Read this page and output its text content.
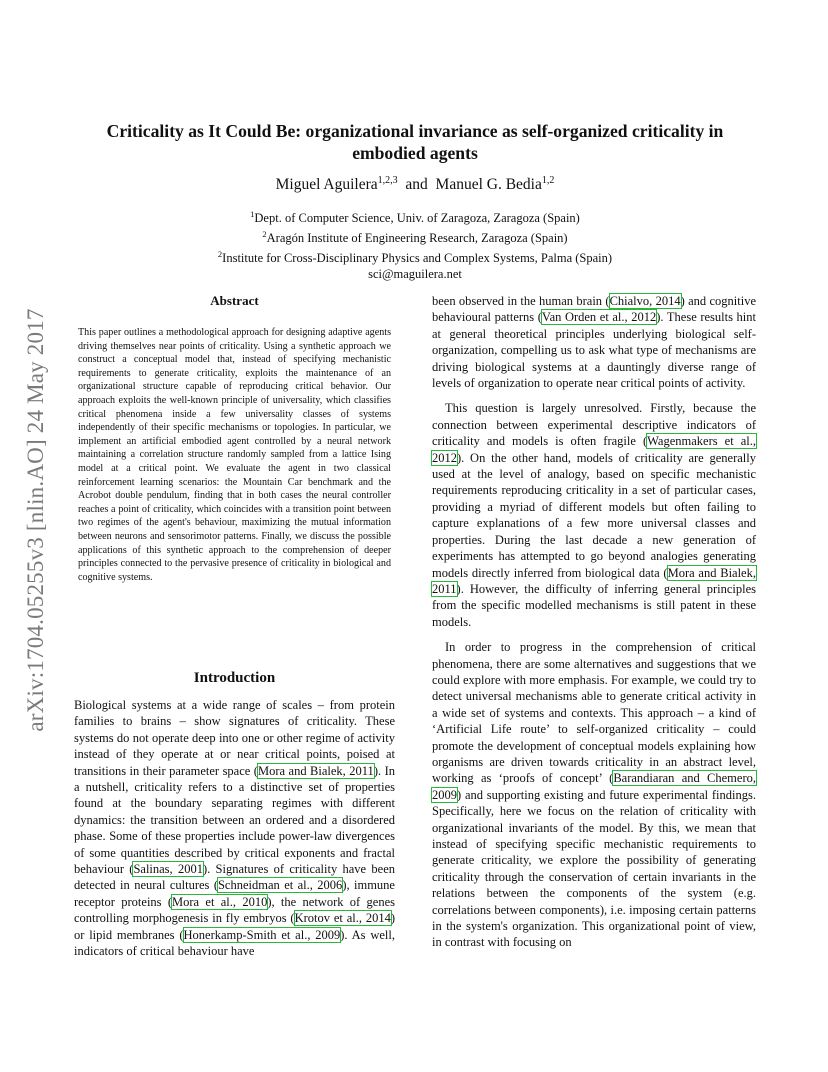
arXiv:1704.05255v3 [nlin.AO] 24 May 2017
Criticality as It Could Be: organizational invariance as self-organized criticality in embodied agents
Miguel Aguilera$^{1,2,3}$ and Manuel G. Bedia$^{1,2}$
$^1$Dept. of Computer Science, Univ. of Zaragoza, Zaragoza (Spain)
$^2$Aragón Institute of Engineering Research, Zaragoza (Spain)
$^2$Institute for Cross-Disciplinary Physics and Complex Systems, Palma (Spain)
sci@maguilera.net
Abstract

This paper outlines a methodological approach for designing adaptive agents driving themselves near points of criticality. Using a synthetic approach we construct a conceptual model that, instead of specifying mechanistic requirements to generate criticality, exploits the maintenance of an organizational structure capable of reproducing critical behavior. Our approach exploits the well-known principle of universality, which classifies critical phenomena inside a few universality classes of systems independently of their specific mechanisms or topologies. In particular, we implement an artificial embodied agent controlled by a neural network maintaining a correlation structure randomly sampled from a lattice Ising model at a critical point. We evaluate the agent in two classical reinforcement learning scenarios: the Mountain Car benchmark and the Acrobot double pendulum, finding that in both cases the neural controller reaches a point of criticality, which coincides with a transition point between two regimes of the agent's behaviour, maximizing the mutual information between neurons and sensorimotor patterns. Finally, we discuss the possible applications of this synthetic approach to the comprehension of deeper principles connected to the pervasive presence of criticality in biological and cognitive systems.

Introduction

Biological systems at a wide range of scales – from protein families to brains – show signatures of criticality. These systems do not operate deep into one or other regime of activity instead of they operate at or near critical points, poised at transitions in their parameter space (Mora and Bialek, 2011). In a nutshell, criticality refers to a distinctive set of properties found at the boundary separating regimes with different dynamics: the transition between an ordered and a disordered phase. Some of these properties include power-law divergences of some quantities described by critical exponents and fractal behaviour (Salinas, 2001). Signatures of criticality have been detected in neural cultures (Schneidman et al., 2006), immune receptor proteins (Mora et al., 2010), the network of genes controlling morphogenesis in fly embryos (Krotov et al., 2014) or lipid membranes (Honerkamp-Smith et al., 2009). As well, indicators of critical behaviour have

been observed in the human brain (Chialvo, 2014) and cognitive behavioural patterns (Van Orden et al., 2012). These results hint at general theoretical principles underlying biological self-organization, compelling us to ask what type of mechanisms are driving biological systems at a dauntingly diverse range of levels of organization to operate near critical points of activity.

This question is largely unresolved. Firstly, because the connection between experimental descriptive indicators of criticality and models is often fragile (Wagenmakers et al., 2012). On the other hand, models of criticality are generally used at the level of analogy, based on specific mechanistic requirements reproducing criticality in a set of particular cases, providing a myriad of different models but often failing to capture explanations of a few more universal classes and properties. During the last decade a new generation of experiments has attempted to go beyond analogies generating models directly inferred from biological data (Mora and Bialek, 2011). However, the difficulty of inferring general principles from the specific modelled mechanisms is still patent in these models.

In order to progress in the comprehension of critical phenomena, there are some alternatives and suggestions that we could explore with more emphasis. For example, we could try to detect universal mechanisms able to generate critical activity in a wide set of systems and contexts. This approach – a kind of ‘Artificial Life route’ to self-organized criticality – could promote the development of conceptual models explaining how organisms are driven towards criticality in an abstract level, working as ‘proofs of concept’ (Barandiaran and Chemero, 2009) and supporting existing and future experimental findings. Specifically, here we focus on the relation of criticality with organizational invariants of the model. By this, we mean that instead of specifying specific mechanistic requirements to generate criticality, we explore the possibility of generating criticality through the conservation of certain invariants in the relations between the components of the system (e.g. correlations between components), i.e. imposing certain patterns in the system's organization. This organizational point of view, in contrast with focusing on
